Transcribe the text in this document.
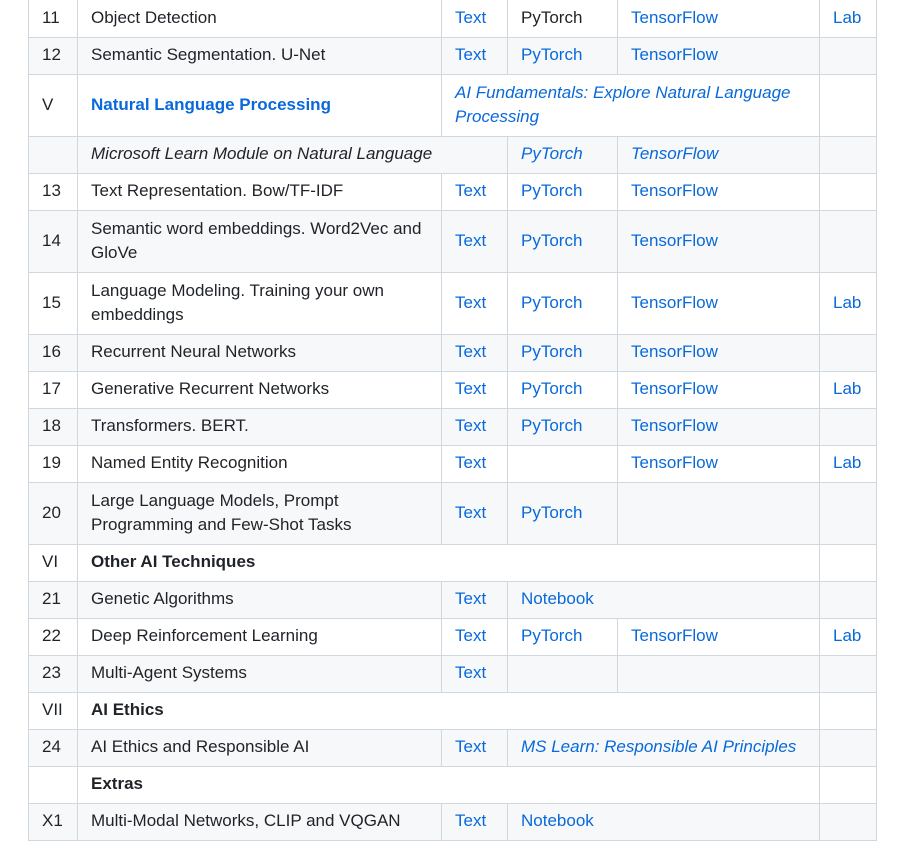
11	Object Detection	Text	PyTorch	TensorFlow	Lab
12	Semantic Segmentation. U-Net	Text	PyTorch	TensorFlow	
V	Natural Language Processing	AI Fundamentals: Explore Natural Language Processing			
	Microsoft Learn Module on Natural Language		PyTorch	TensorFlow	
13	Text Representation. Bow/TF-IDF	Text	PyTorch	TensorFlow	
14	Semantic word embeddings. Word2Vec and GloVe	Text	PyTorch	TensorFlow	
15	Language Modeling. Training your own embeddings	Text	PyTorch	TensorFlow	Lab
16	Recurrent Neural Networks	Text	PyTorch	TensorFlow	
17	Generative Recurrent Networks	Text	PyTorch	TensorFlow	Lab
18	Transformers. BERT.	Text	PyTorch	TensorFlow	
19	Named Entity Recognition	Text		TensorFlow	Lab
20	Large Language Models, Prompt Programming and Few-Shot Tasks	Text	PyTorch		
VI	Other AI Techniques				
21	Genetic Algorithms	Text	Notebook		
22	Deep Reinforcement Learning	Text	PyTorch	TensorFlow	Lab
23	Multi-Agent Systems	Text			
VII	AI Ethics				
24	AI Ethics and Responsible AI	Text	MS Learn: Responsible AI Principles		
	Extras				
X1	Multi-Modal Networks, CLIP and VQGAN	Text	Notebook		
